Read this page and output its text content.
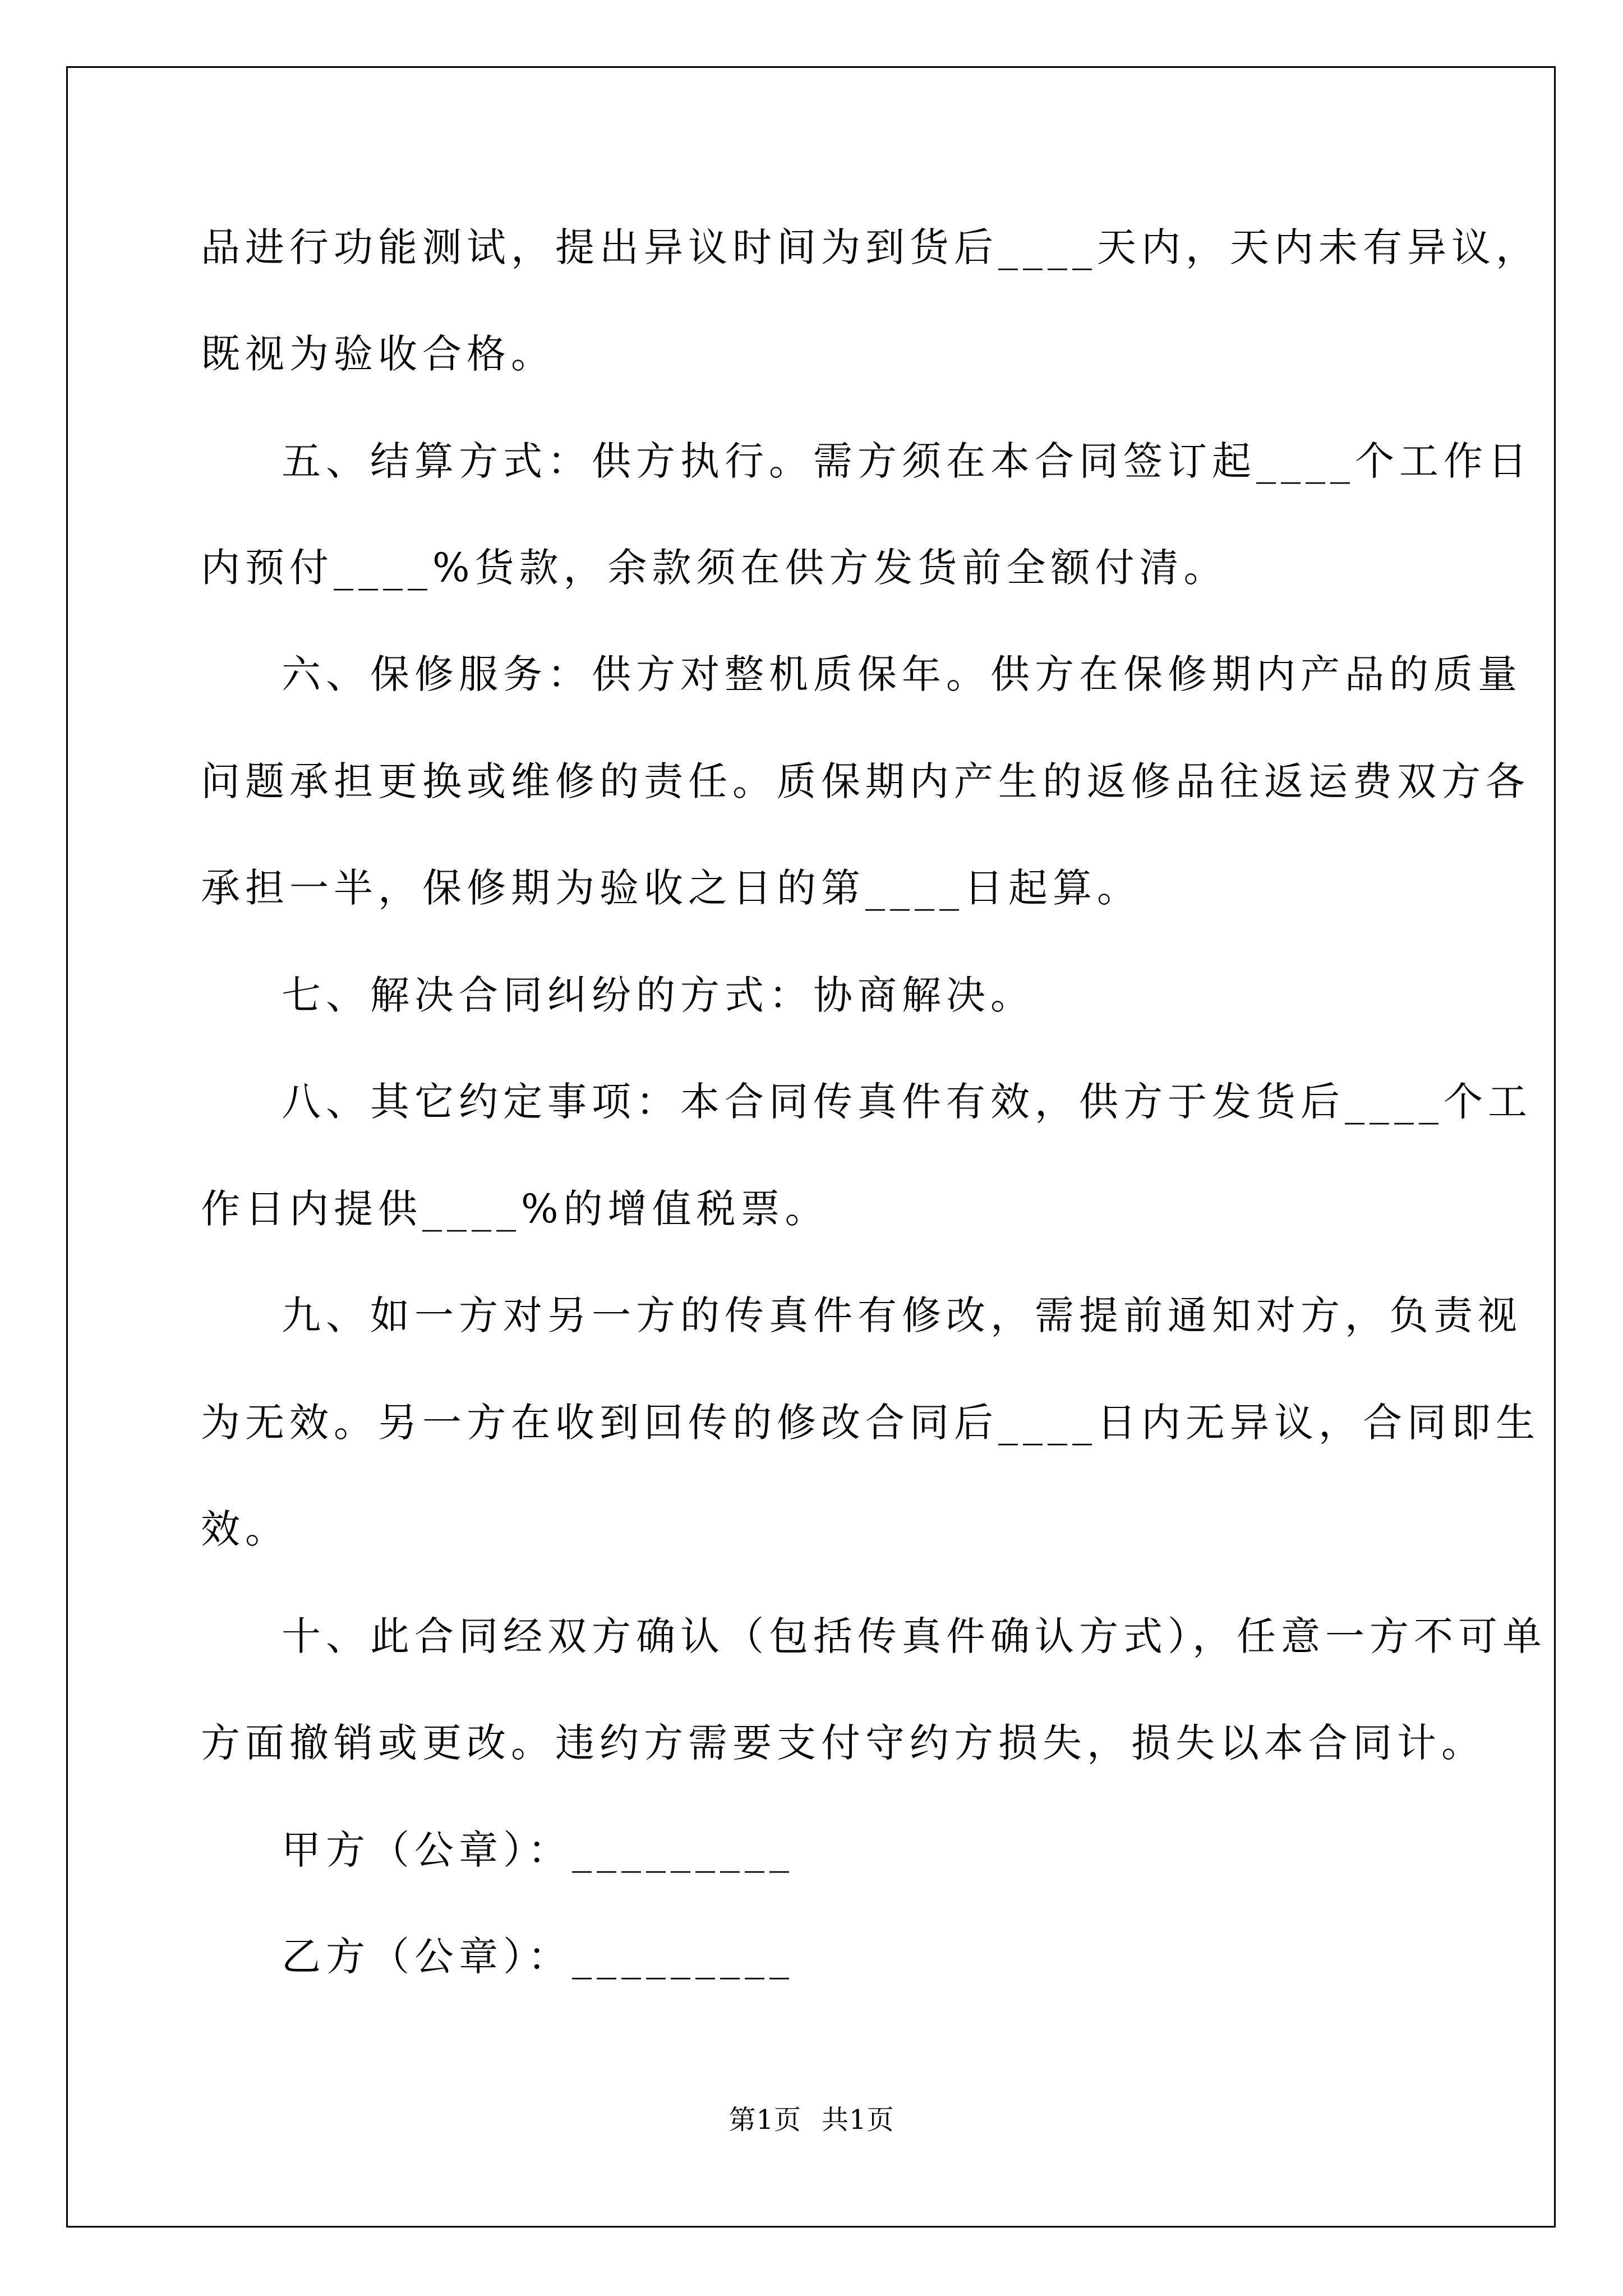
品进行功能测试，提出异议时间为到货后____天内，天内未有异议，
既视为验收合格。
五、结算方式：供方执行。需方须在本合同签订起____个工作日
内预付____%货款，余款须在供方发货前全额付清。
六、保修服务：供方对整机质保年。供方在保修期内产品的质量
问题承担更换或维修的责任。质保期内产生的返修品往返运费双方各
承担一半，保修期为验收之日的第____日起算。
七、解决合同纠纷的方式：协商解决。
八、其它约定事项：本合同传真件有效，供方于发货后____个工
作日内提供____%的增值税票。
九、如一方对另一方的传真件有修改，需提前通知对方，负责视
为无效。另一方在收到回传的修改合同后____日内无异议，合同即生
效。
十、此合同经双方确认（包括传真件确认方式），任意一方不可单
方面撤销或更改。违约方需要支付守约方损失，损失以本合同计。
甲方（公章）：_________
乙方（公章）：_________
第1页 共1页
